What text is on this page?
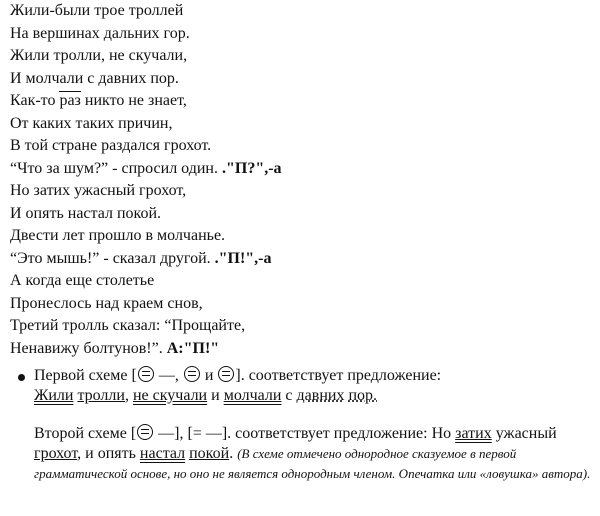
Жили-были трое троллей
На вершинах дальних гор.
Жили тролли, не скучали,
И молчали с давних пор.
Как-то
раз никто не знает,
От каких таких причин,
В той стране раздался грохот.
“Что за шум?” - спросил один. ."П?",-а
Но затих ужасный грохот,
И опять настал покой.
Двести лет прошло в молчанье.
“Это мышь!” - сказал другой. ."П!",-а
А когда еще столетье
Пронеслось над краем снов,
Третий тролль сказал: “Прощайте,
Ненавижу болтунов!”. А:"П!"
Первой схеме [ —,  и ]. соответствует предложение:
Жили тролли, не скучали и молчали с давних пор.
Второй схеме [ —], [= —]. соответствует предложение: Но затих ужасный грохот, и опять настал покой. (В схеме отмечено однородное сказуемое в первой грамматической основе, но оно не является однородным членом. Опечатка или «ловушка» автора).
